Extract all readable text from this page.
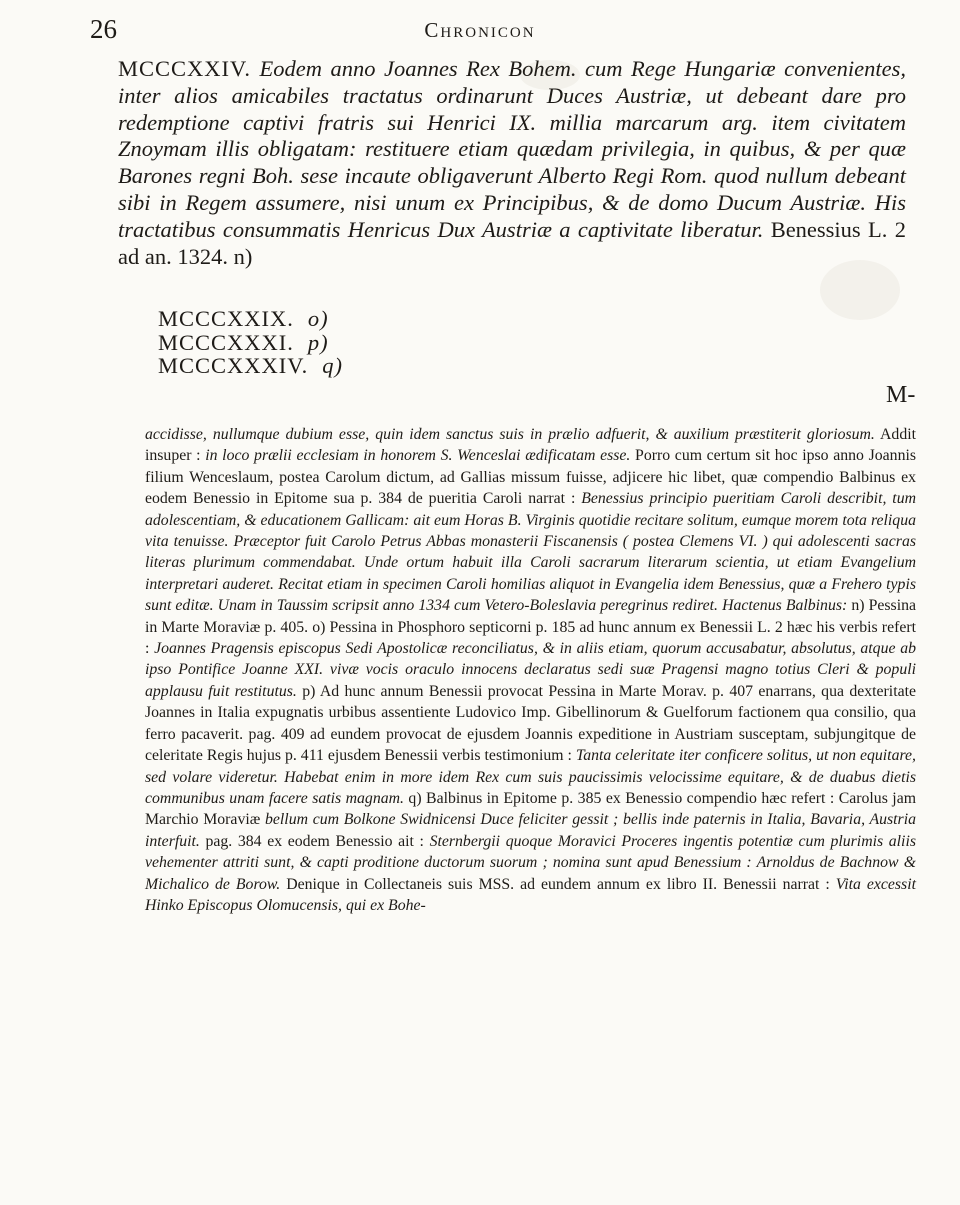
26	Chronicon
MCCCXXIV. Eodem anno Joannes Rex Bohem. cum Rege Hungariæ convenientes, inter alios amicabiles tractatus ordinarunt Duces Austriæ, ut debeant dare pro redemptione captivi fratris sui Henrici IX. millia marcarum arg. item civitatem Znoymam illis obligatam: restituere etiam quædam privilegia, in quibus, & per quæ Barones regni Boh. sese incaute obligaverunt Alberto Regi Rom. quod nullum debeant sibi in Regem assumere, nisi unum ex Principibus, & de domo Ducum Austriæ. His tractatibus consummatis Henricus Dux Austriæ a captivitate liberatur. Benessius L. 2 ad an. 1324. n)
MCCCXXIX. o)
MCCCXXXI. p)
MCCCXXXIV. q)
M-

accidisse, nullumque dubium esse, quin idem sanctus suis in prælio adfuerit, & auxilium præstiterit gloriosum. Addit insuper : in loco prælii ecclesiam in honorem S. Wenceslai ædificatam esse. Porro cum certum sit hoc ipso anno Joannis filium Wenceslaum, postea Carolum dictum, ad Gallias missum fuisse, adjicere hic libet, quæ compendio Balbinus ex eodem Benessio in Epitome sua p. 384 de pueritia Caroli narrat : Benessius principio pueritiam Caroli describit, tum adolescentiam, & educationem Gallicam: ait eum Horas B. Virginis quotidie recitare solitum, eumque morem tota reliqua vita tenuisse. Præceptor fuit Carolo Petrus Abbas monasterii Fiscanensis ( postea Clemens VI. ) qui adolescenti sacras literas plurimum commendabat. Unde ortum habuit illa Caroli sacrarum literarum scientia, ut etiam Evangelium interpretari auderet. Recitat etiam in specimen Caroli homilias aliquot in Evangelia idem Benessius, quæ a Frehero typis sunt editæ. Unam in Taussim scripsit anno 1334 cum Vetero-Boleslavia peregrinus rediret. Hactenus Balbinus: n) Pessina in Marte Moraviæ p. 405. o) Pessina in Phosphoro septicorni p. 185 ad hunc annum ex Benessii L. 2 hæc his verbis refert : Joannes Pragensis episcopus Sedi Apostolicæ reconciliatus, & in aliis etiam, quorum accusabatur, absolutus, atque ab ipso Pontifice Joanne XXI. vivæ vocis oraculo innocens declaratus sedi suæ Pragensi magno totius Cleri & populi applausu fuit restitutus. p) Ad hunc annum Benessii provocat Pessina in Marte Morav. p. 407 enarrans, qua dexteritate Joannes in Italia expugnatis urbibus assentiente Ludovico Imp. Gibellinorum & Guelforum factionem qua consilio, qua ferro pacaverit. pag. 409 ad eundem provocat de ejusdem Joannis expeditione in Austriam susceptam, subjungitque de celeritate Regis hujus p. 411 ejusdem Benessii verbis testimonium : Tanta celeritate iter conficere solitus, ut non equitare, sed volare videretur. Habebat enim in more idem Rex cum suis paucissimis velocissime equitare, & de duabus dietis communibus unam facere satis magnam. q) Balbinus in Epitome p. 385 ex Benessio compendio hæc refert : Carolus jam Marchio Moraviæ bellum cum Bolkone Swidnicensi Duce feliciter gessit ; bellis inde paternis in Italia, Bavaria, Austria interfuit. pag. 384 ex eodem Benessio ait : Sternbergii quoque Moravici Proceres ingentis potentiæ cum plurimis aliis vehementer attriti sunt, & capti proditione ductorum suorum ; nomina sunt apud Benessium : Arnoldus de Bachnow & Michalico de Borow. Denique in Collectaneis suis MSS. ad eundem annum ex libro II. Benessii narrat : Vita excessit Hinko Episcopus Olomucensis, qui ex Bohe-
